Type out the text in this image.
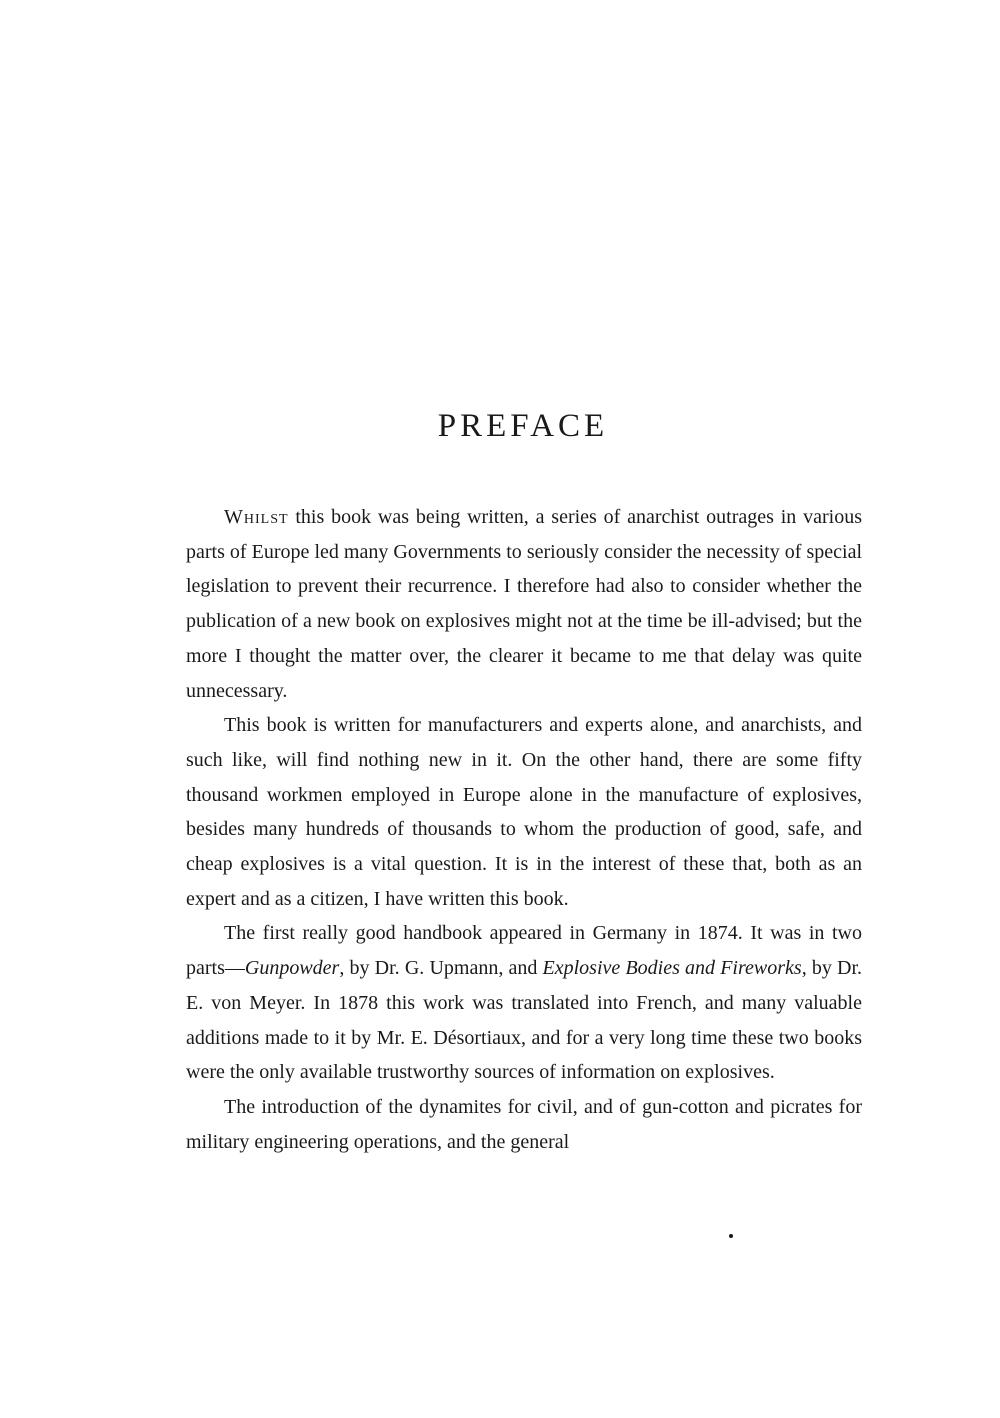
PREFACE

Whilst this book was being written, a series of anarchist outrages in various parts of Europe led many Governments to seriously consider the necessity of special legislation to prevent their recurrence. I therefore had also to consider whether the publication of a new book on explosives might not at the time be ill-advised; but the more I thought the matter over, the clearer it became to me that delay was quite unnecessary.

This book is written for manufacturers and experts alone, and anarchists, and such like, will find nothing new in it. On the other hand, there are some fifty thousand workmen employed in Europe alone in the manufacture of explosives, besides many hundreds of thousands to whom the production of good, safe, and cheap explosives is a vital question. It is in the interest of these that, both as an expert and as a citizen, I have written this book.

The first really good handbook appeared in Germany in 1874. It was in two parts—Gunpowder, by Dr. G. Upmann, and Explosive Bodies and Fireworks, by Dr. E. von Meyer. In 1878 this work was translated into French, and many valuable additions made to it by Mr. E. Désortiaux, and for a very long time these two books were the only available trustworthy sources of information on explosives.

The introduction of the dynamites for civil, and of gun-cotton and picrates for military engineering operations, and the general
